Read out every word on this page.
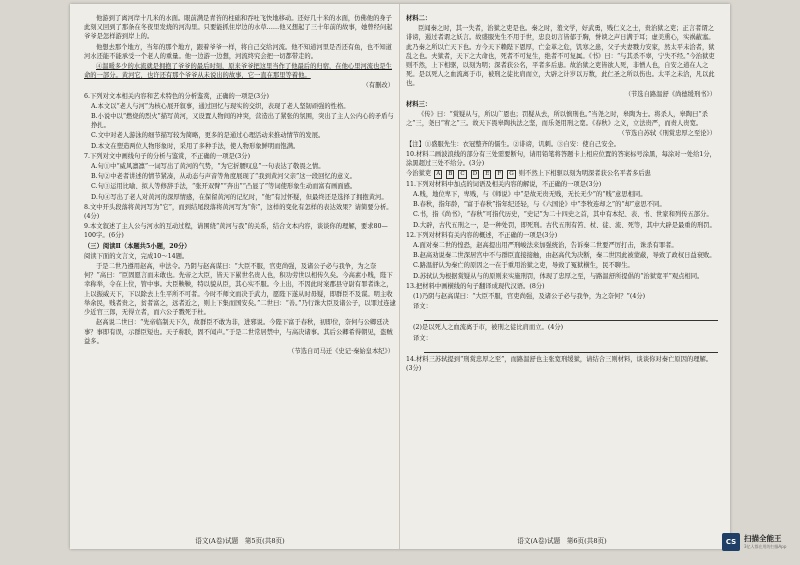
他游到了离河岸十几米的水面。眼前满是青苔的柱础和吞吐飞快地移动。还好几十米的水面，仿佛他的身子此刻又回到了那条在冬夜里发烧的河沟里。只要能抓住岸边的水草……他又想起了三十年前的故事，她曾经问起爷爷是怎样游到岸上的。

他想去那个地方，当年的那个地方，跟着爷爷一样，将自己交给河流。他不知道河里是否还有鱼，也不知道河水还能不能承受一个老人的重量。他一边游一边想，河流终究会把一切都带走的。

④温暖多少的水流就是拥抱了爷爷的最后时刻，原来爷爷把这里当作了他最后的归宿，在他心里河流也是生命的一部分。黄河它，也许还有那个爷爷从未说出的故事，它一直在那里等着他。

（有删改）

6.下列对文本相关内容和艺术特色的分析鉴赏，正确的一项是(3分)

A.本文以“老人与河”为核心展开叙事，通过回忆与现实的交织，表现了老人坚韧顽强的性格。

B.小说中以“燃烧的烈火”描写黄河，又设置人物间的冲突，营造出了紧张的氛围，突出了主人公内心的矛盾与挣扎。

C.文中对老人游泳的细节描写较为简略，更多的是通过心理活动来推动情节的发展。

D.本文在塑造两位人物形象时，采用了多种手法，使人物形象鲜明而饱满。

7.下列对文中画线句子的分析与鉴赏，不正确的一项是(3分)

A.句①中“威风凛凛”一词写出了黄河的气势，“为它折腰叹息”一句表达了敬畏之情。

B.句②中老者讲述的情节紧凑，从动态与声音等角度展现了“我到黄河父亲”这一段回忆的意义。

C.句③运用比喻、拟人等修辞手法，“张开双臂”“奔出”“凸显了”等词使形象生动而富有画面感。

D.句④写出了老人对黄河的深厚情感，在保留黄河的记忆时，“他”有过怀疑，但最终还是选择了拥抱黄河。

8.文中开头段落将黄河写为“它”，而到结尾段落将黄河写为“你”，这样的变化有怎样的表达效果？请简要分析。(4分)

9.本文叙述了主人公与河水的互动过程，请围绕“黄河与我”的关系，结合文本内容，谈谈你的理解，要求80—100字。(6分)

（三）阅读Ⅱ（本题共5小题，20分）

阅读下面的文言文，完成10～14题。

于是二世乃遵用赵高，申法令。乃阴与赵高谋曰：“大臣不服，官吏尚强，及诸公子必与我争，为之奈何？”高曰：“臣固愿言而未敢也。先帝之大臣，皆天下累世名贵人也，积功劳世以相传久矣。今高素小贱，陛下幸称举，令在上位，管中事。大臣鞅鞅，特以貌从臣，其心实不服。今上出，不因此时案郡县守尉有罪者诛之，上以振威天下，下以除去上生平所不可者。今时不师文而决于武力，愿陛下遂从时毋疑，即群臣不及谋。明主收举余民，贱者贵之，贫者富之，远者近之，则上下集而国安矣。”二世曰：“善。”乃行诛大臣及诸公子，以罪过连逮少近官三郎，无得立者，而六公子戮死于杜。

赵高说二世曰：“先帝临制天下久，故群臣不敢为非，进邪说。今陛下富于春秋，初即位，奈何与公卿廷决事？事即有误，示群臣短也。天子称朕，固不闻声。”于是二世常居禁中，与高决诸事。其后公卿希得朝见，盗贼益多。

（节选自司马迁《史记·秦始皇本纪》）

材料二：

臣闻秦之时，其一失者，治狱之吏是也。秦之时，羞文学，好武勇，贱仁义之士，贵治狱之吏；正言者谓之诽谤，遏过者谓之妖言。故盛服先生不用于世，忠良切言皆郁于胸，誉谀之声日满于耳；虚美熏心，实祸蔽塞。此乃秦之所以亡天下也。方今天下赖陛下恩厚，亡金革之危，饥寒之患，父子夫妻戮力安家，然太平未洽者，狱乱之也。夫狱者，天下之大命也，死者不可复生，绝者不可复属。《书》曰：“与其杀不辜，宁失不经。”今治狱吏则不然，上下相驱，以刻为明；深者获公名，平者多后患。故治狱之吏皆欲人死，非憎人也，自安之道在人之死。是以死人之血流离于市，被刑之徒比肩而立，大辟之计岁以万数，此仁圣之所以伤也。太平之未洽，凡以此也。

（节选自路温舒《尚德缓刑书》）

材料三：

《传》曰：“赏疑从与，所以广恩也；罚疑从去，所以慎刑也。”当尧之时，皋陶为士。将杀人，皋陶曰“杀之”三，尧曰“宥之”三。故天下畏皋陶执法之坚，而乐尧用刑之宽。《春秋》之义，立法贵严，而责人贵宽。

（节选自苏轼《刑赏忠厚之至论》）

【注】①盛服先生：衣冠整齐的儒生。②诽谤，讥刺。③自安：使自己安全。

10.材料二画波浪线的部分有三处需要断句，请用铅笔将答题卡上相应位置的答案标号涂黑，每涂对一处给1分，涂黑超过三处不给分。(3分)

今治狱吏 A B C D E F G 则不然上下相驱以刻为明深者获公名平者多后患

11.下列对材料中加点的词语及相关内容的解说，不正确的一项是(3分)

A.贱，地位卑下，卑贱，与《师说》中“是故无贵无贱，无长无少”的“贱”意思相同。

B.春秋，指年龄，“富于春秋”指年纪还轻，与《六国论》中“李牧连却之”的“却”意思不同。

C.书，指《尚书》，“春秋”可指代历史，“史记”为二十四史之首，其中有本纪、表、书、世家和列传五部分。

D.大辟，古代五刑之一，是一种处罚，即死刑。古代五刑有笞、杖、徒、流、死等，其中大辟是最重的刑罚。

12.下列对材料有关内容的概述，不正确的一项是(3分)

A.面对秦二世的惶恐，赵高提出用严刑峻法来加强统治，告诉秦二世要严厉打击，诛杀有罪者。

B.赵高劝说秦二世深居宫中不与群臣直接接触，由赵高代为决断，秦二世因此被蒙蔽，导致了政权日益衰败。

C.路温舒认为秦亡的原因之一在于重用治狱之吏，导致了冤狱横生，民不聊生。

D.苏轼认为根据赏疑从与的原则来实施刑罚，体现了忠厚之至，与路温舒所提倡的“治狱宽平”观点相同。

13.把材料中画横线的句子翻译成现代汉语。(8分)

(1)乃阴与赵高谋曰：“大臣不服，官吏尚强，及诸公子必与我争，为之奈何？”(4分)

译文：

(2)是以死人之血流离于市，被刑之徒比肩而立。(4分)

译文：

14.材料三苏轼提到“刑赏忠厚之至”，而路温舒也主张宽刑缓狱，请结合三则材料，谈谈你对秦亡原因的理解。(3分)

语文(A卷)试题　第5页(共8页)	语文(A卷)试题　第6页(共8页)	CS	扫描全能王
3亿人都在用的扫描App
